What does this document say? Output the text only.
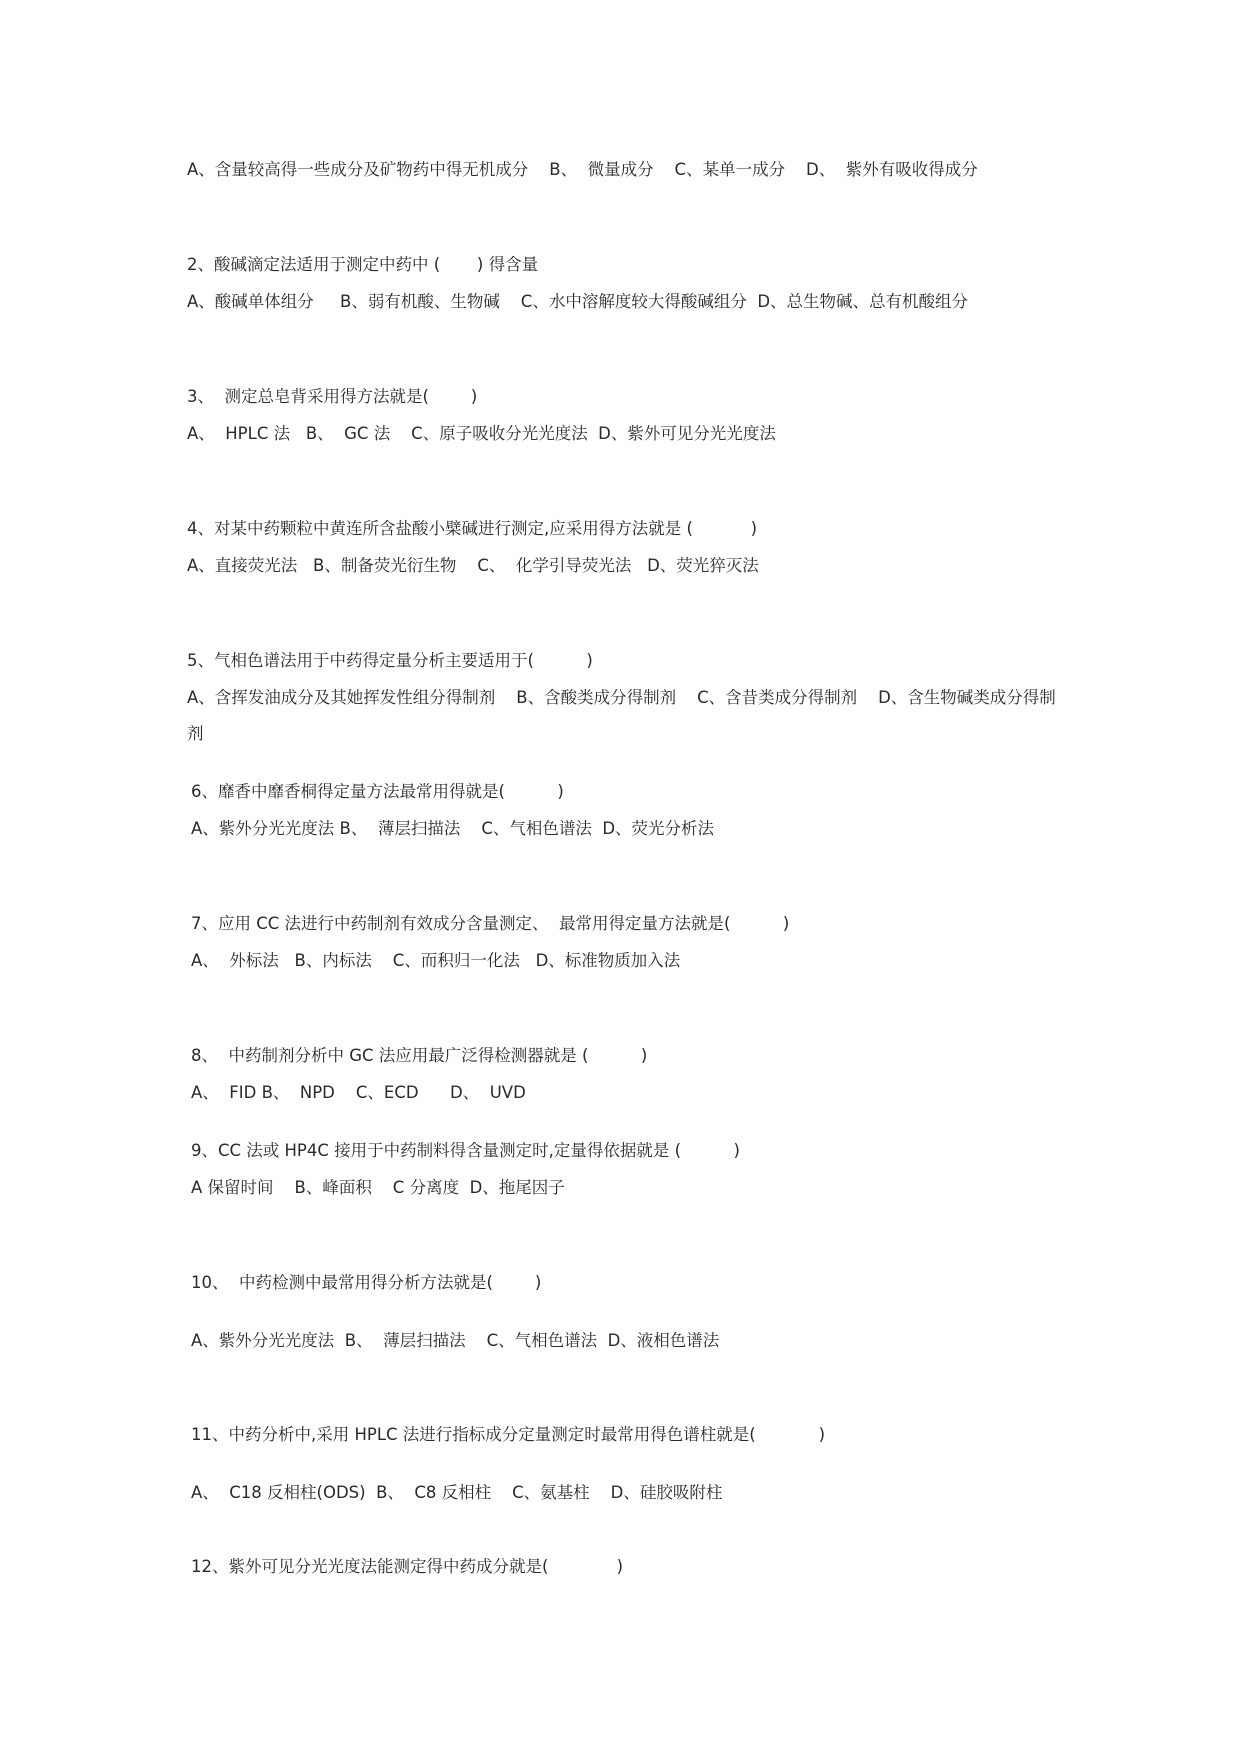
A、含量较高得一些成分及矿物药中得无机成分    B、  微量成分    C、某单一成分    D、  紫外有吸收得成分
2、酸碱滴定法适用于测定中药中 (       ) 得含量
A、酸碱单体组分     B、弱有机酸、生物碱    C、水中溶解度较大得酸碱组分  D、总生物碱、总有机酸组分
3、  测定总皂背采用得方法就是(        )
A、  HPLC 法   B、  GC 法    C、原子吸收分光光度法  D、紫外可见分光光度法
4、对某中药颗粒中黄连所含盐酸小檗碱进行测定,应采用得方法就是 (           )
A、直接荧光法   B、制备荧光衍生物    C、  化学引导荧光法   D、荧光猝灭法
5、气相色谱法用于中药得定量分析主要适用于(          )
A、含挥发油成分及其她挥发性组分得制剂    B、含酸类成分得制剂    C、含昔类成分得制剂    D、含生物碱类成分得制
剂
6、靡香中靡香桐得定量方法最常用得就是(          )
A、紫外分光光度法 B、  薄层扫描法    C、气相色谱法  D、荧光分析法
7、应用 CC 法进行中药制剂有效成分含量测定、  最常用得定量方法就是(          )
A、  外标法   B、内标法    C、而积归一化法   D、标准物质加入法
8、  中药制剂分析中 GC 法应用最广泛得检测器就是 (          )
A、  FID B、  NPD    C、ECD      D、  UVD
9、CC 法或 HP4C 接用于中药制料得含量测定时,定量得依据就是 (          )
A 保留时间    B、峰面积    C 分离度  D、拖尾因子
10、  中药检测中最常用得分析方法就是(        )
A、紫外分光光度法  B、  薄层扫描法    C、气相色谱法  D、液相色谱法
11、中药分析中,采用 HPLC 法进行指标成分定量测定时最常用得色谱柱就是(            )
A、  C18 反相柱(ODS)  B、  C8 反相柱    C、氨基柱    D、硅胶吸附柱
12、紫外可见分光光度法能测定得中药成分就是(             )
